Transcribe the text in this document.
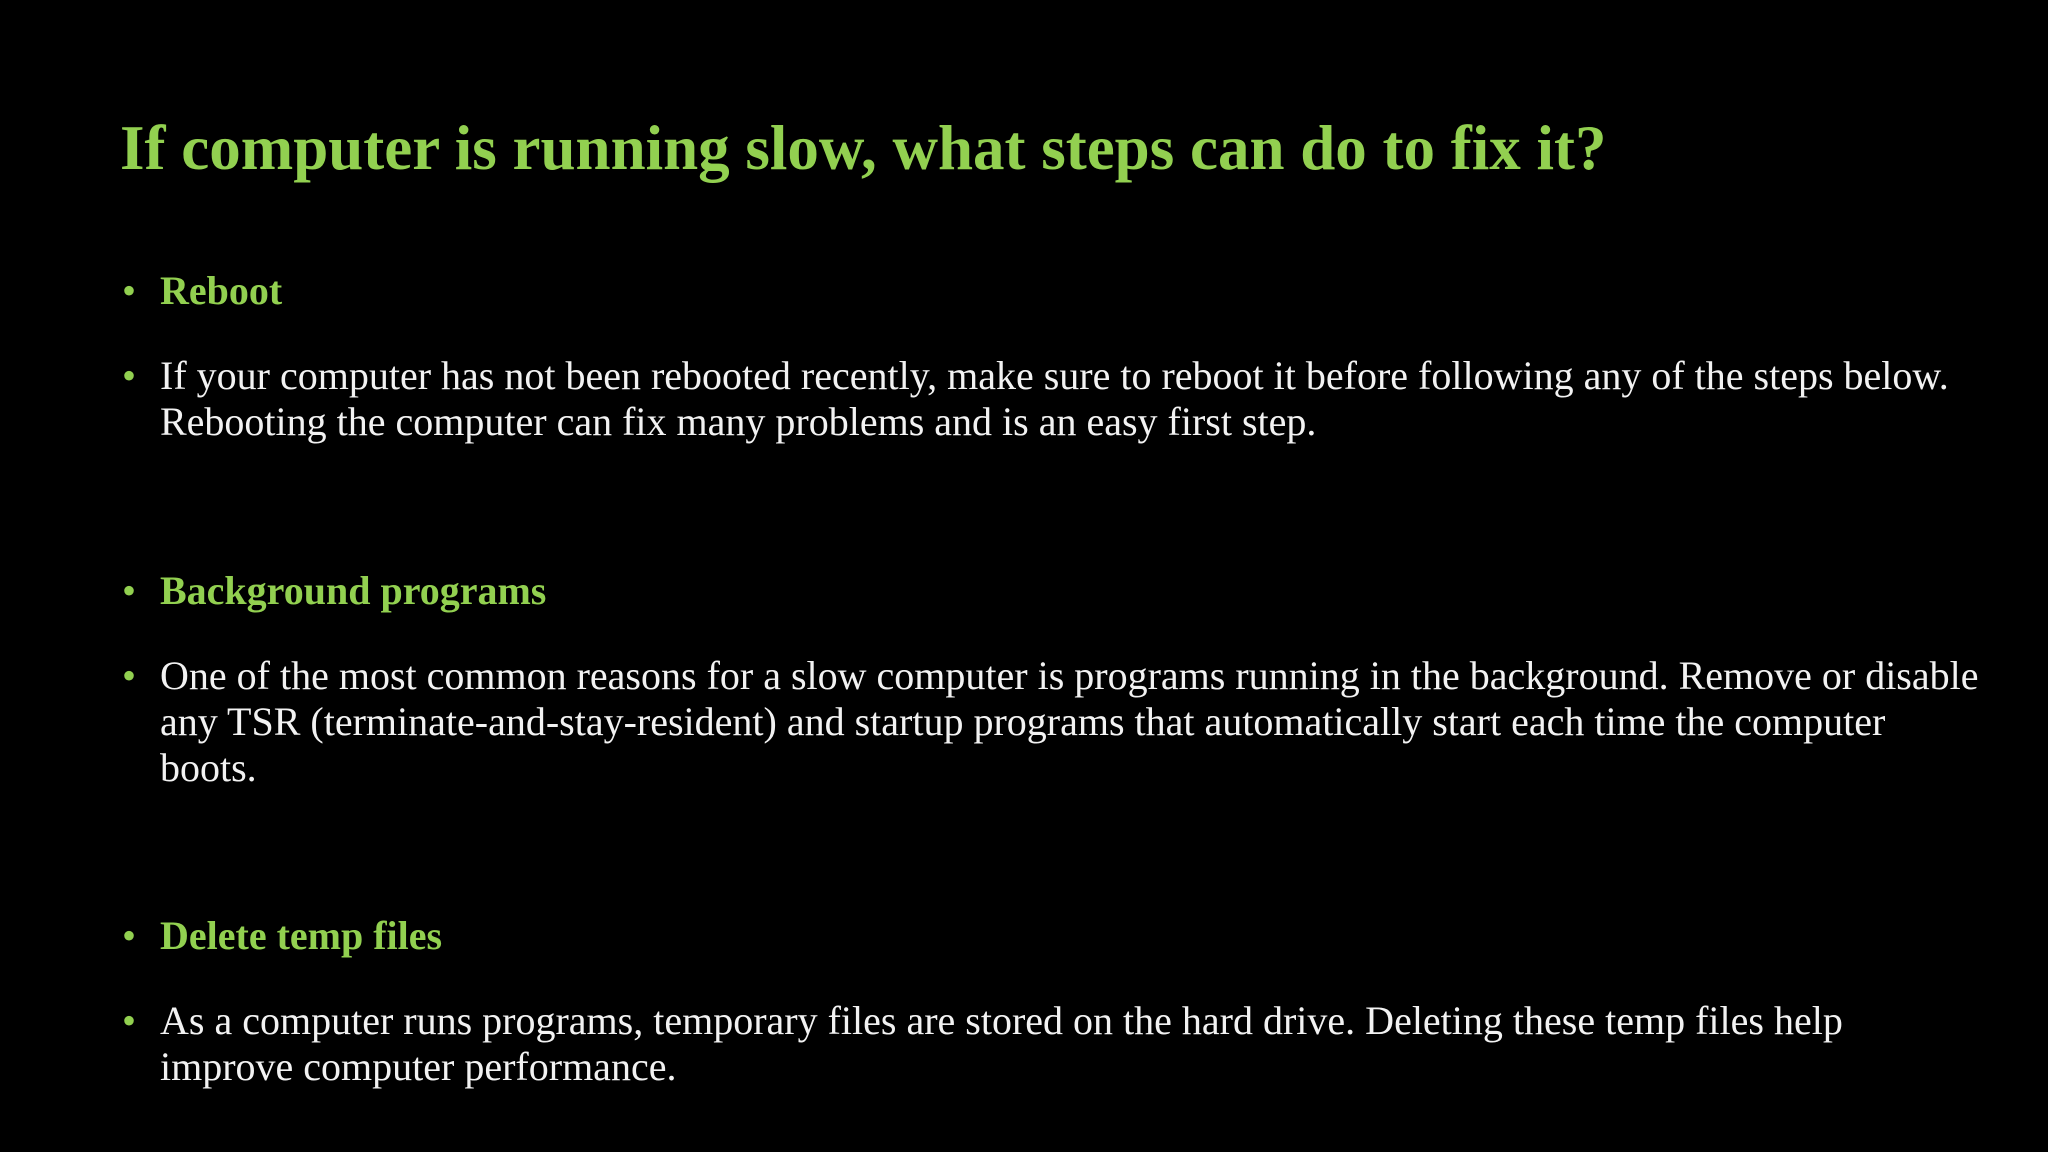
If computer is running slow, what steps can do to fix it?
• Reboot
• If your computer has not been rebooted recently, make sure to reboot it before following any of the steps below. Rebooting the computer can fix many problems and is an easy first step.
• Background programs
• One of the most common reasons for a slow computer is programs running in the background. Remove or disable any TSR (terminate-and-stay-resident) and startup programs that automatically start each time the computer boots.
• Delete temp files
• As a computer runs programs, temporary files are stored on the hard drive. Deleting these temp files help improve computer performance.
